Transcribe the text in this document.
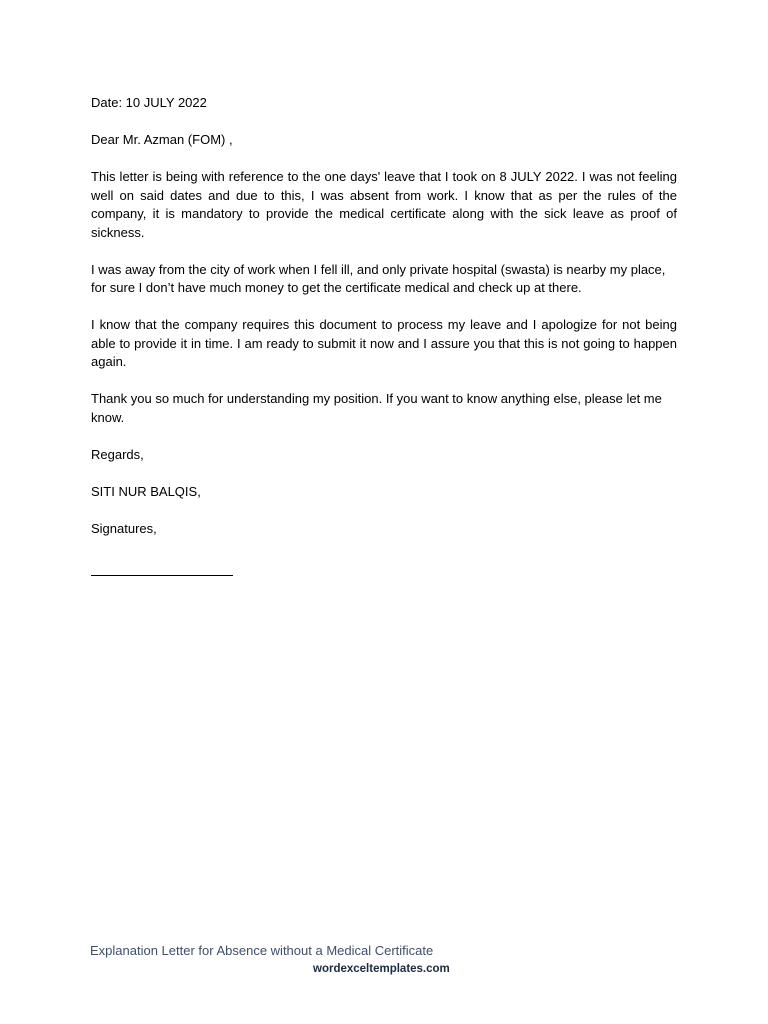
Date: 10 JULY 2022

Dear Mr. Azman (FOM) ,

This letter is being with reference to the one days' leave that I took on 8 JULY 2022. I was not feeling well on said dates and due to this, I was absent from work. I know that as per the rules of the company, it is mandatory to provide the medical certificate along with the sick leave as proof of sickness.

I was away from the city of work when I fell ill, and only private hospital (swasta) is nearby my place, for sure I don’t have much money to get the certificate medical and check up at there.

I know that the company requires this document to process my leave and I apologize for not being able to provide it in time. I am ready to submit it now and I assure you that this is not going to happen again.

Thank you so much for understanding my position. If you want to know anything else, please let me know.

Regards,

SITI NUR BALQIS,

Signatures,

Explanation Letter for Absence without a Medical Certificate
wordexceltemplates.com
